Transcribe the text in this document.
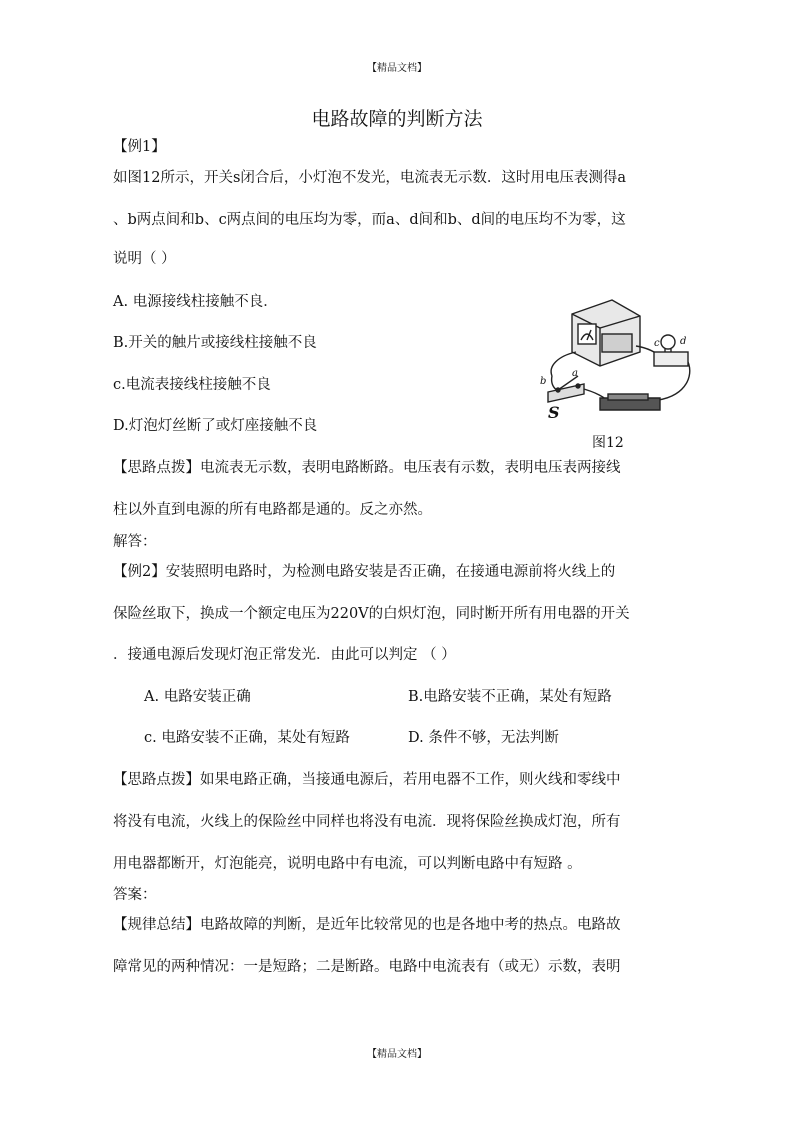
【精品文档】
电路故障的判断方法
【例1】
如图12所示，开关s闭合后，小灯泡不发光，电流表无示数．这时用电压表测得a
、b两点间和b、c两点间的电压均为零，而a、d间和b、d间的电压均不为零，这
说明（ ）
A. 电源接线柱接触不良．
B.开关的触片或接线柱接触不良
c.电流表接线柱接触不良
D.灯泡灯丝断了或灯座接触不良
S
c d
b
a
图12
【思路点拨】电流表无示数，表明电路断路。电压表有示数，表明电压表两接线
柱以外直到电源的所有电路都是通的。反之亦然。
解答：
【例2】安装照明电路时，为检测电路安装是否正确，在接通电源前将火线上的
保险丝取下，换成一个额定电压为220V的白炽灯泡，同时断开所有用电器的开关
．接通电源后发现灯泡正常发光．由此可以判定 （ ）
A. 电路安装正确	B.电路安装不正确，某处有短路
c. 电路安装不正确，某处有短路	D. 条件不够，无法判断
【思路点拨】如果电路正确，当接通电源后，若用电器不工作，则火线和零线中
将没有电流，火线上的保险丝中同样也将没有电流．现将保险丝换成灯泡，所有
用电器都断开，灯泡能亮，说明电路中有电流，可以判断电路中有短路 。
答案：
【规律总结】电路故障的判断，是近年比较常见的也是各地中考的热点。电路故
障常见的两种情况：一是短路；二是断路。电路中电流表有（或无）示数，表明
【精品文档】
